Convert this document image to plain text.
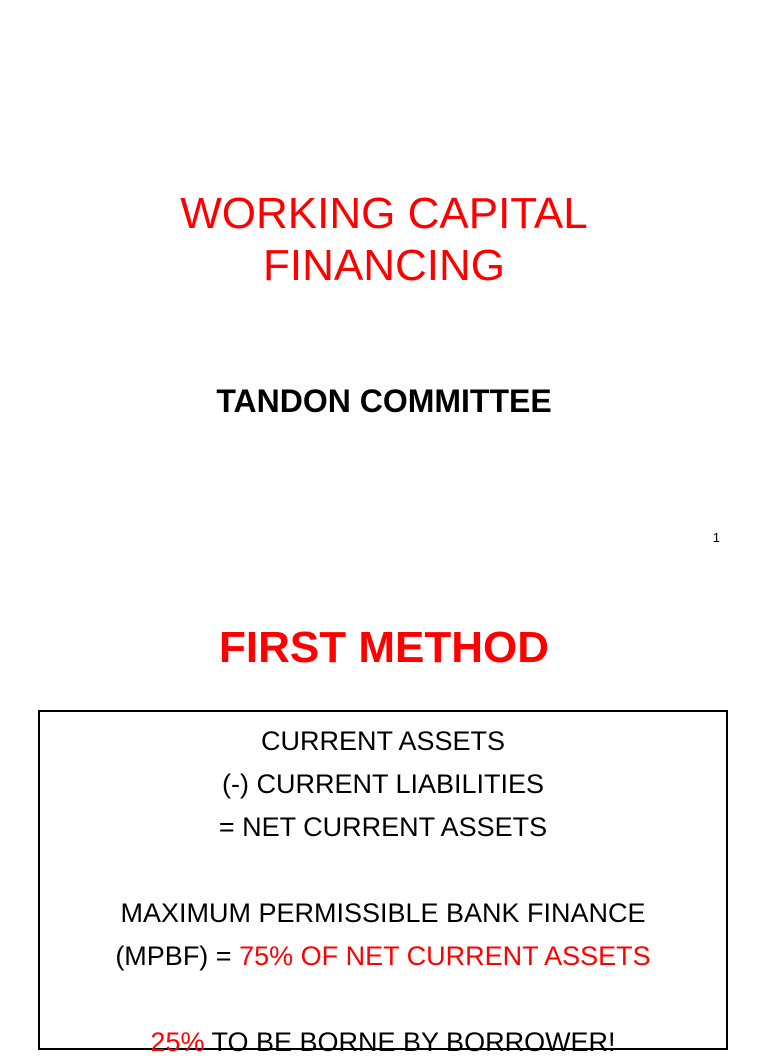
WORKING CAPITAL
FINANCING
TANDON COMMITTEE
1
FIRST METHOD
CURRENT ASSETS
(-) CURRENT LIABILITIES
= NET CURRENT ASSETS
MAXIMUM PERMISSIBLE BANK FINANCE
(MPBF) = 75% OF NET CURRENT ASSETS
25% TO BE BORNE BY BORROWER!
